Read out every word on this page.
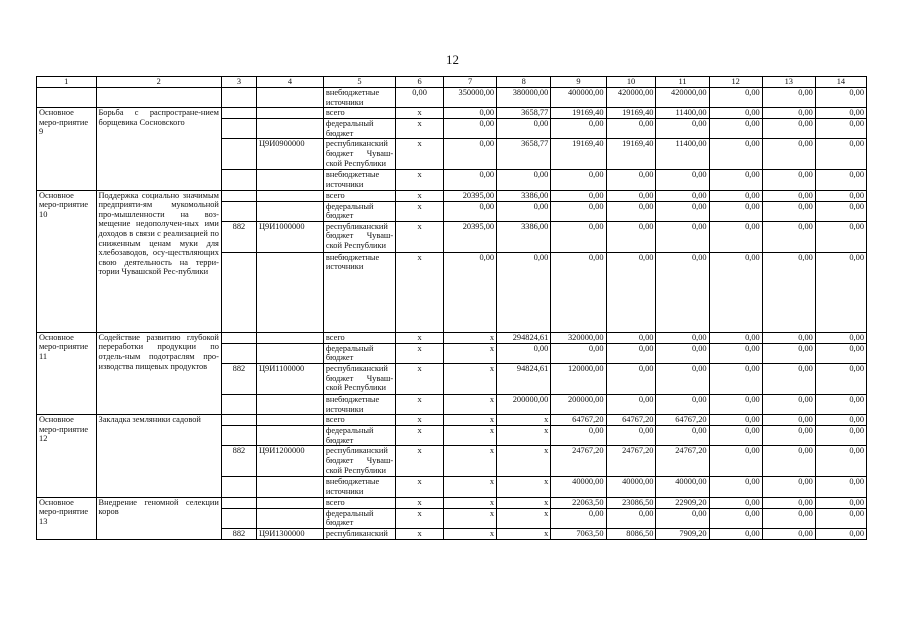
12
1	2	3	4	5	6	7	8	9	10	11	12	13	14
				внебюджетные источники	0,00	350000,00	380000,00	400000,00	420000,00	420000,00	0,00	0,00	0,00
Основное меро-приятие 9	Борьба с распростране-нием борщевика Сосновского			всего	x	0,00	3658,77	19169,40	19169,40	11400,00	0,00	0,00	0,00
				федеральный бюджет	x	0,00	0,00	0,00	0,00	0,00	0,00	0,00	0,00
			Ц9И0900000	республиканский бюджет Чуваш-ской Республики	x	0,00	3658,77	19169,40	19169,40	11400,00	0,00	0,00	0,00
				внебюджетные источники	x	0,00	0,00	0,00	0,00	0,00	0,00	0,00	0,00
Основное меро-приятие 10	Поддержка социально значимым предприяти-ям мукомольной про-мышленности на воз-мещение недополучен-ных ими доходов в связи с реализацией по сниженным ценам муки для хлебозаводов, осу-ществляющих свою деятельность на терри-тории Чувашской Рес-публики			всего	x	20395,00	3386,00	0,00	0,00	0,00	0,00	0,00	0,00
				федеральный бюджет	x	0,00	0,00	0,00	0,00	0,00	0,00	0,00	0,00
		882	Ц9И1000000	республиканский бюджет Чуваш-ской Республики	x	20395,00	3386,00	0,00	0,00	0,00	0,00	0,00	0,00
				внебюджетные источники	x	0,00	0,00	0,00	0,00	0,00	0,00	0,00	0,00
Основное меро-приятие 11	Содействие развитию глубокой переработки продукции по отдель-ным подотраслям про-изводства пищевых продуктов			всего	x	x	294824,61	320000,00	0,00	0,00	0,00	0,00	0,00
				федеральный бюджет	x	x	0,00	0,00	0,00	0,00	0,00	0,00	0,00
		882	Ц9И1100000	республиканский бюджет Чуваш-ской Республики	x	x	94824,61	120000,00	0,00	0,00	0,00	0,00	0,00
				внебюджетные источники	x	x	200000,00	200000,00	0,00	0,00	0,00	0,00	0,00
Основное меро-приятие 12	Закладка земляники садовой			всего	x	x	x	64767,20	64767,20	64767,20	0,00	0,00	0,00
				федеральный бюджет	x	x	x	0,00	0,00	0,00	0,00	0,00	0,00
		882	Ц9И1200000	республиканский бюджет Чуваш-ской Республики	x	x	x	24767,20	24767,20	24767,20	0,00	0,00	0,00
				внебюджетные источники	x	x	x	40000,00	40000,00	40000,00	0,00	0,00	0,00
Основное меро-приятие 13	Внедрение геномной селекции коров			всего	x	x	x	22063,50	23086,50	22909,20	0,00	0,00	0,00
				федеральный бюджет	x	x	x	0,00	0,00	0,00	0,00	0,00	0,00
		882	Ц9И1300000	республиканский	x	x	x	7063,50	8086,50	7909,20	0,00	0,00	0,00
